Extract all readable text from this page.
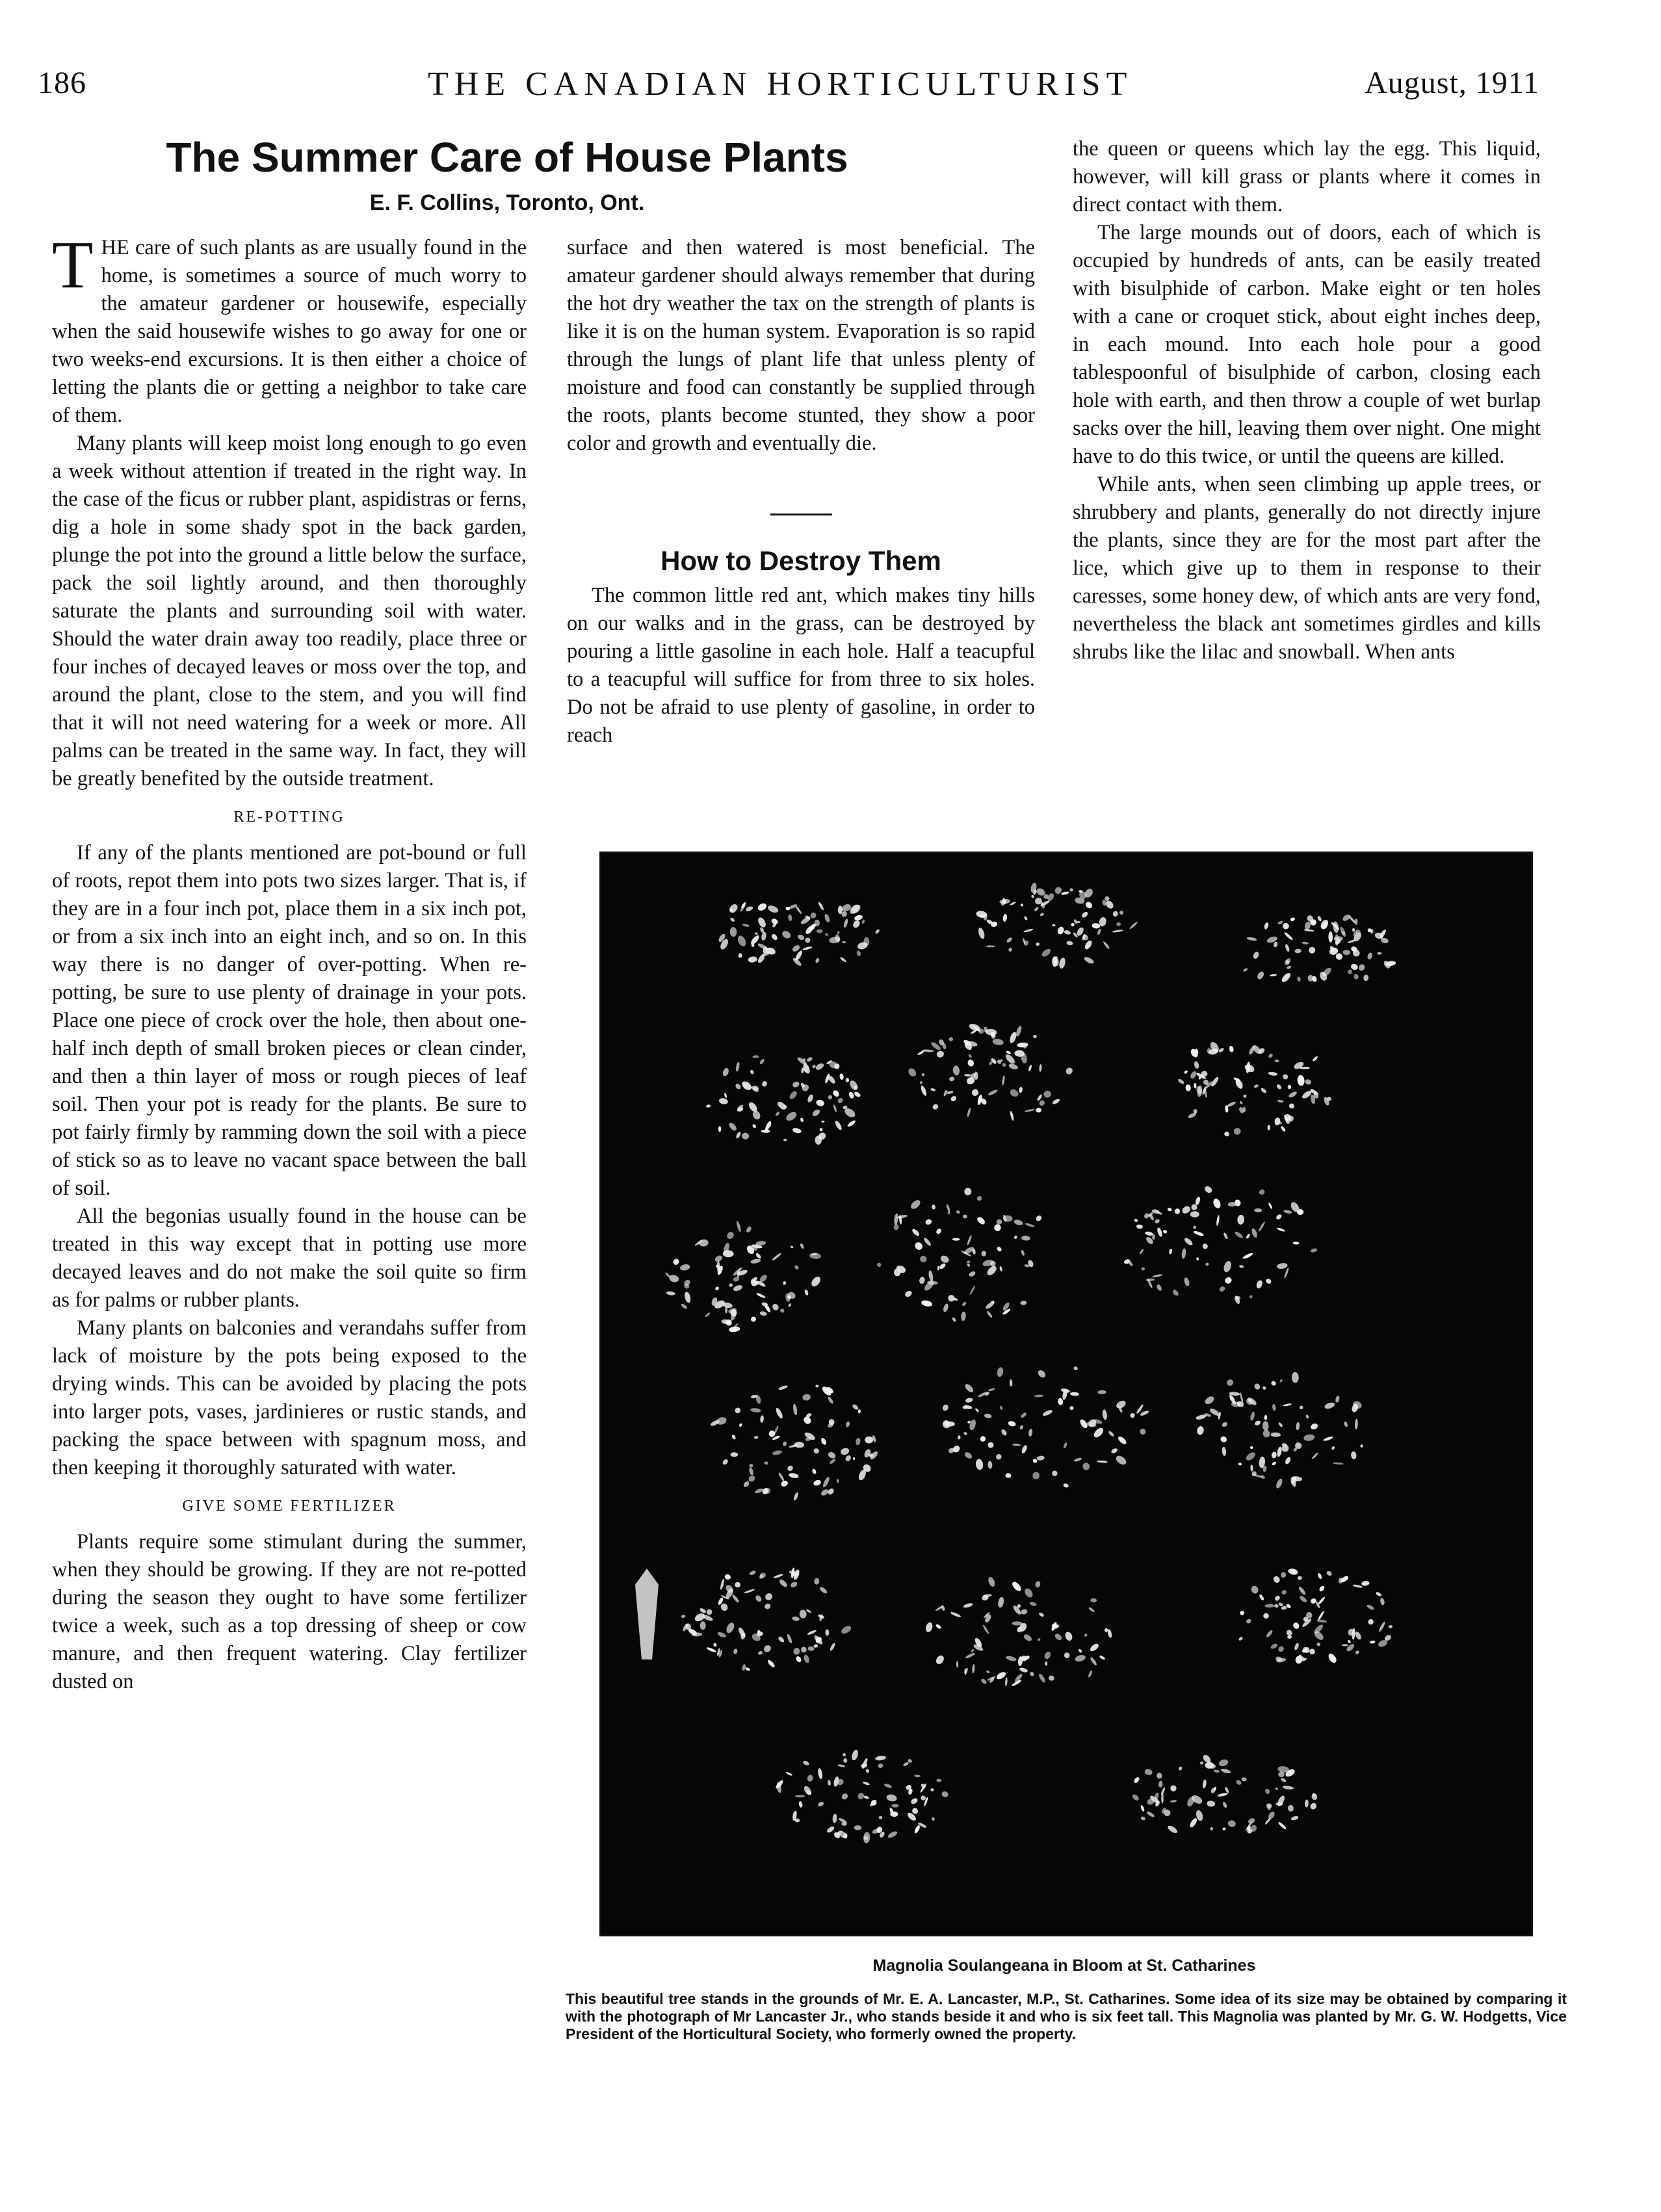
186	THE CANADIAN HORTICULTURIST	August, 1911
The Summer Care of House Plants
E. F. Collins, Toronto, Ont.

THE care of such plants as are usually found in the home, is sometimes a source of much worry to the amateur gardener or housewife, especially when the said housewife wishes to go away for one or two weeks-end excursions. It is then either a choice of letting the plants die or getting a neighbor to take care of them.

Many plants will keep moist long enough to go even a week without attention if treated in the right way. In the case of the ficus or rubber plant, aspidistras or ferns, dig a hole in some shady spot in the back garden, plunge the pot into the ground a little below the surface, pack the soil lightly around, and then thoroughly saturate the plants and surrounding soil with water. Should the water drain away too readily, place three or four inches of decayed leaves or moss over the top, and around the plant, close to the stem, and you will find that it will not need watering for a week or more. All palms can be treated in the same way. In fact, they will be greatly benefited by the outside treatment.

RE-POTTING

If any of the plants mentioned are pot-bound or full of roots, repot them into pots two sizes larger. That is, if they are in a four inch pot, place them in a six inch pot, or from a six inch into an eight inch, and so on. In this way there is no danger of over-potting. When re-potting, be sure to use plenty of drainage in your pots. Place one piece of crock over the hole, then about one-half inch depth of small broken pieces or clean cinder, and then a thin layer of moss or rough pieces of leaf soil. Then your pot is ready for the plants. Be sure to pot fairly firmly by ramming down the soil with a piece of stick so as to leave no vacant space between the ball of soil.

All the begonias usually found in the house can be treated in this way except that in potting use more decayed leaves and do not make the soil quite so firm as for palms or rubber plants.

Many plants on balconies and verandahs suffer from lack of moisture by the pots being exposed to the drying winds. This can be avoided by placing the pots into larger pots, vases, jardinieres or rustic stands, and packing the space between with spagnum moss, and then keeping it thoroughly saturated with water.

GIVE SOME FERTILIZER

Plants require some stimulant during the summer, when they should be growing. If they are not re-potted during the season they ought to have some fertilizer twice a week, such as a top dressing of sheep or cow manure, and then frequent watering. Clay fertilizer dusted on

surface and then watered is most beneficial. The amateur gardener should always remember that during the hot dry weather the tax on the strength of plants is like it is on the human system. Evaporation is so rapid through the lungs of plant life that unless plenty of moisture and food can constantly be supplied through the roots, plants become stunted, they show a poor color and growth and eventually die.

How to Destroy Them

The common little red ant, which makes tiny hills on our walks and in the grass, can be destroyed by pouring a little gasoline in each hole. Half a teacupful to a teacupful will suffice for from three to six holes. Do not be afraid to use plenty of gasoline, in order to reach

the queen or queens which lay the egg. This liquid, however, will kill grass or plants where it comes in direct contact with them.

The large mounds out of doors, each of which is occupied by hundreds of ants, can be easily treated with bisulphide of carbon. Make eight or ten holes with a cane or croquet stick, about eight inches deep, in each mound. Into each hole pour a good tablespoonful of bisulphide of carbon, closing each hole with earth, and then throw a couple of wet burlap sacks over the hill, leaving them over night. One might have to do this twice, or until the queens are killed.

While ants, when seen climbing up apple trees, or shrubbery and plants, generally do not directly injure the plants, since they are for the most part after the lice, which give up to them in response to their caresses, some honey dew, of which ants are very fond, nevertheless the black ant sometimes girdles and kills shrubs like the lilac and snowball. When ants

Magnolia Soulangeana in Bloom at St. Catharines
This beautiful tree stands in the grounds of Mr. E. A. Lancaster, M.P., St. Catharines. Some idea of its size may be obtained by comparing it with the photograph of Mr Lancaster Jr., who stands beside it and who is six feet tall. This Magnolia was planted by Mr. G. W. Hodgetts, Vice President of the Horticultural Society, who formerly owned the property.
